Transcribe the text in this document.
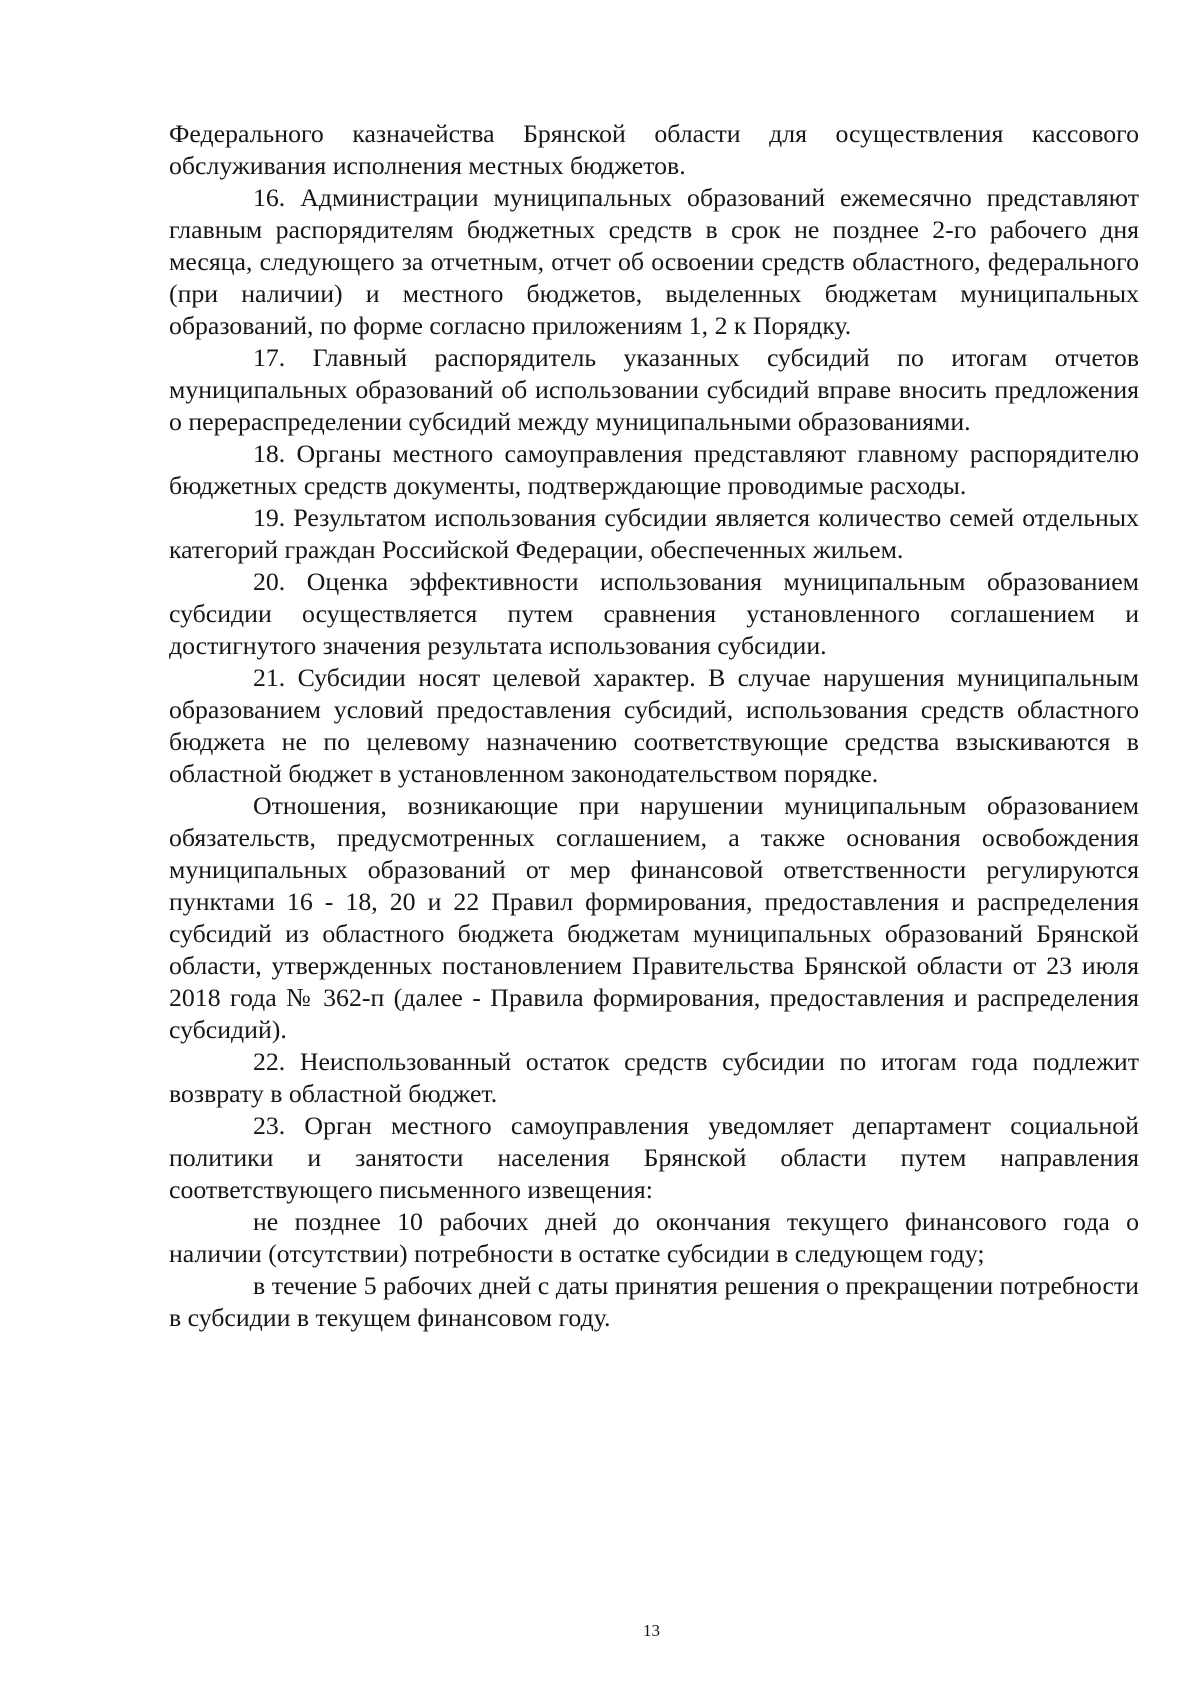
Федерального казначейства Брянской области для осуществления кассового обслуживания исполнения местных бюджетов.

16. Администрации муниципальных образований ежемесячно представляют главным распорядителям бюджетных средств в срок не позднее 2-го рабочего дня месяца, следующего за отчетным, отчет об освоении средств областного, федерального (при наличии) и местного бюджетов, выделенных бюджетам муниципальных образований, по форме согласно приложениям 1, 2 к Порядку.

17. Главный распорядитель указанных субсидий по итогам отчетов муниципальных образований об использовании субсидий вправе вносить предложения о перераспределении субсидий между муниципальными образованиями.

18. Органы местного самоуправления представляют главному распорядителю бюджетных средств документы, подтверждающие проводимые расходы.

19. Результатом использования субсидии является количество семей отдельных категорий граждан Российской Федерации, обеспеченных жильем.

20. Оценка эффективности использования муниципальным образованием субсидии осуществляется путем сравнения установленного соглашением и достигнутого значения результата использования субсидии.

21. Субсидии носят целевой характер. В случае нарушения муниципальным образованием условий предоставления субсидий, использования средств областного бюджета не по целевому назначению соответствующие средства взыскиваются в областной бюджет в установленном законодательством порядке.

Отношения, возникающие при нарушении муниципальным образованием обязательств, предусмотренных соглашением, а также основания освобождения муниципальных образований от мер финансовой ответственности регулируются пунктами 16 - 18, 20 и 22 Правил формирования, предоставления и распределения субсидий из областного бюджета бюджетам муниципальных образований Брянской области, утвержденных постановлением Правительства Брянской области от 23 июля 2018 года № 362-п (далее - Правила формирования, предоставления и распределения субсидий).

22. Неиспользованный остаток средств субсидии по итогам года подлежит возврату в областной бюджет.

23. Орган местного самоуправления уведомляет департамент социальной политики и занятости населения Брянской области путем направления соответствующего письменного извещения:

не позднее 10 рабочих дней до окончания текущего финансового года о наличии (отсутствии) потребности в остатке субсидии в следующем году;

в течение 5 рабочих дней с даты принятия решения о прекращении потребности в субсидии в текущем финансовом году.

13
